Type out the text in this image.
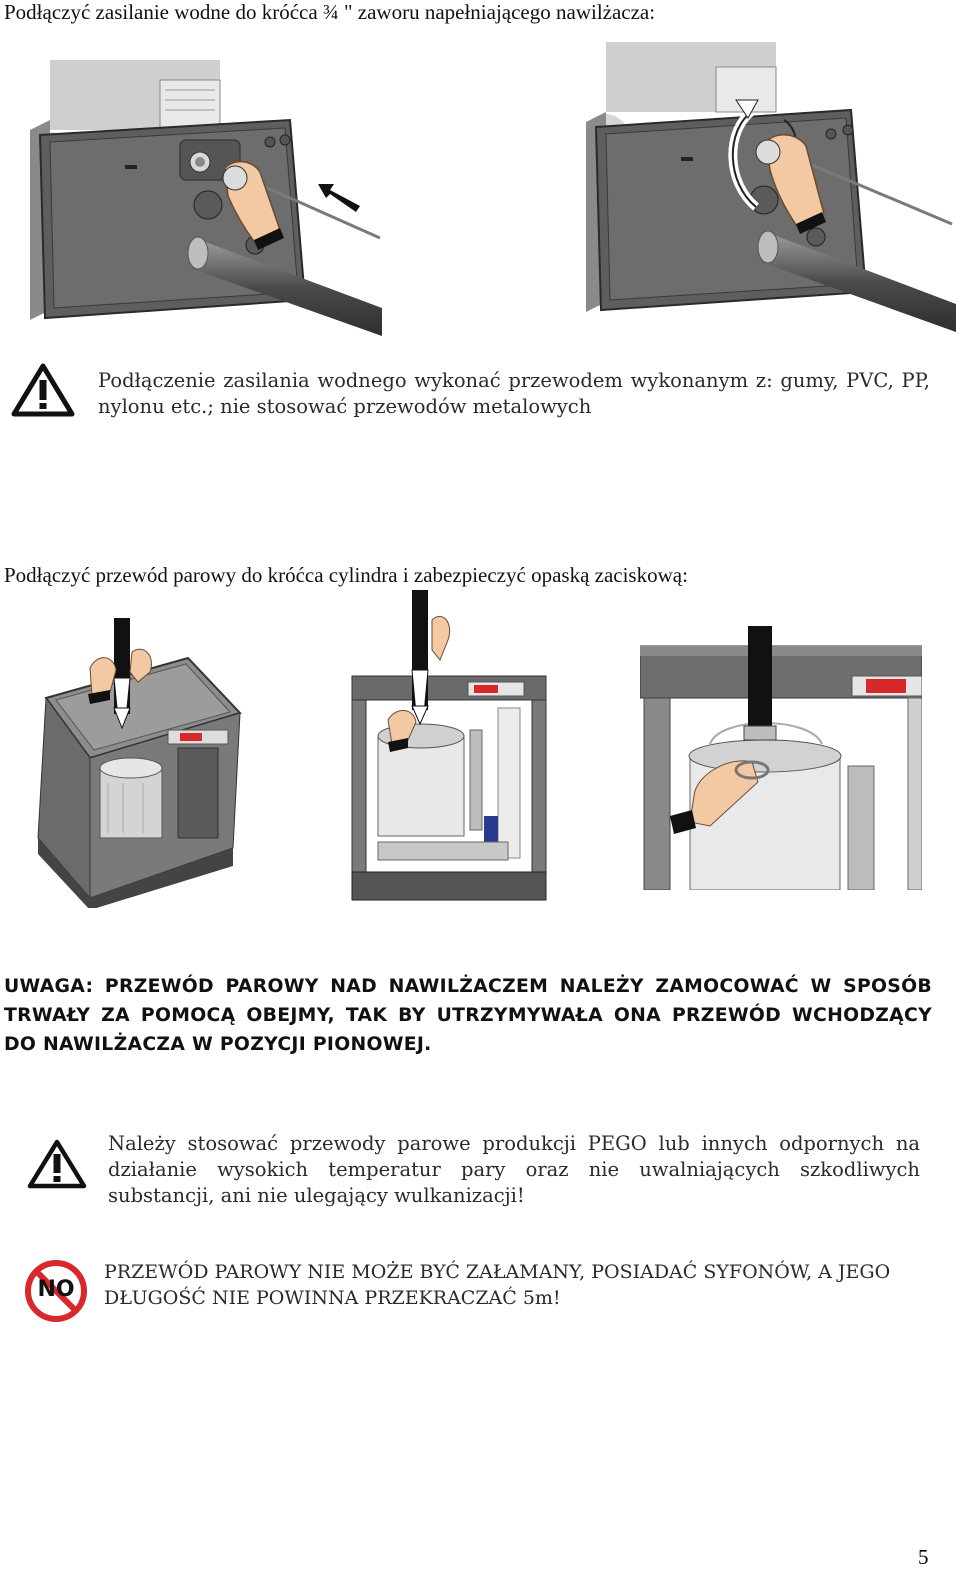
Podłączyć zasilanie wodne do króćca ¾ " zaworu napełniającego nawilżacza:
Podłączenie zasilania wodnego wykonać przewodem wykonanym z: gumy, PVC, PP, nylonu etc.; nie stosować przewodów metalowych
Podłączyć przewód parowy do króćca cylindra i zabezpieczyć opaską zaciskową:
UWAGA: PRZEWÓD PAROWY NAD NAWILŻACZEM NALEŻY ZAMOCOWAĆ W SPOSÓB TRWAŁY ZA POMOCĄ OBEJMY, TAK BY UTRZYMYWAŁA ONA PRZEWÓD WCHODZĄCY DO NAWILŻACZA W POZYCJI PIONOWEJ.
Należy stosować przewody parowe produkcji PEGO lub innych odpornych na działanie wysokich temperatur pary oraz nie uwalniających szkodliwych substancji, ani nie ulegający wulkanizacji!
NO
PRZEWÓD PAROWY NIE MOŻE BYĆ ZAŁAMANY, POSIADAĆ SYFONÓW, A JEGO DŁUGOŚĆ NIE POWINNA PRZEKRACZAĆ 5m!
5
